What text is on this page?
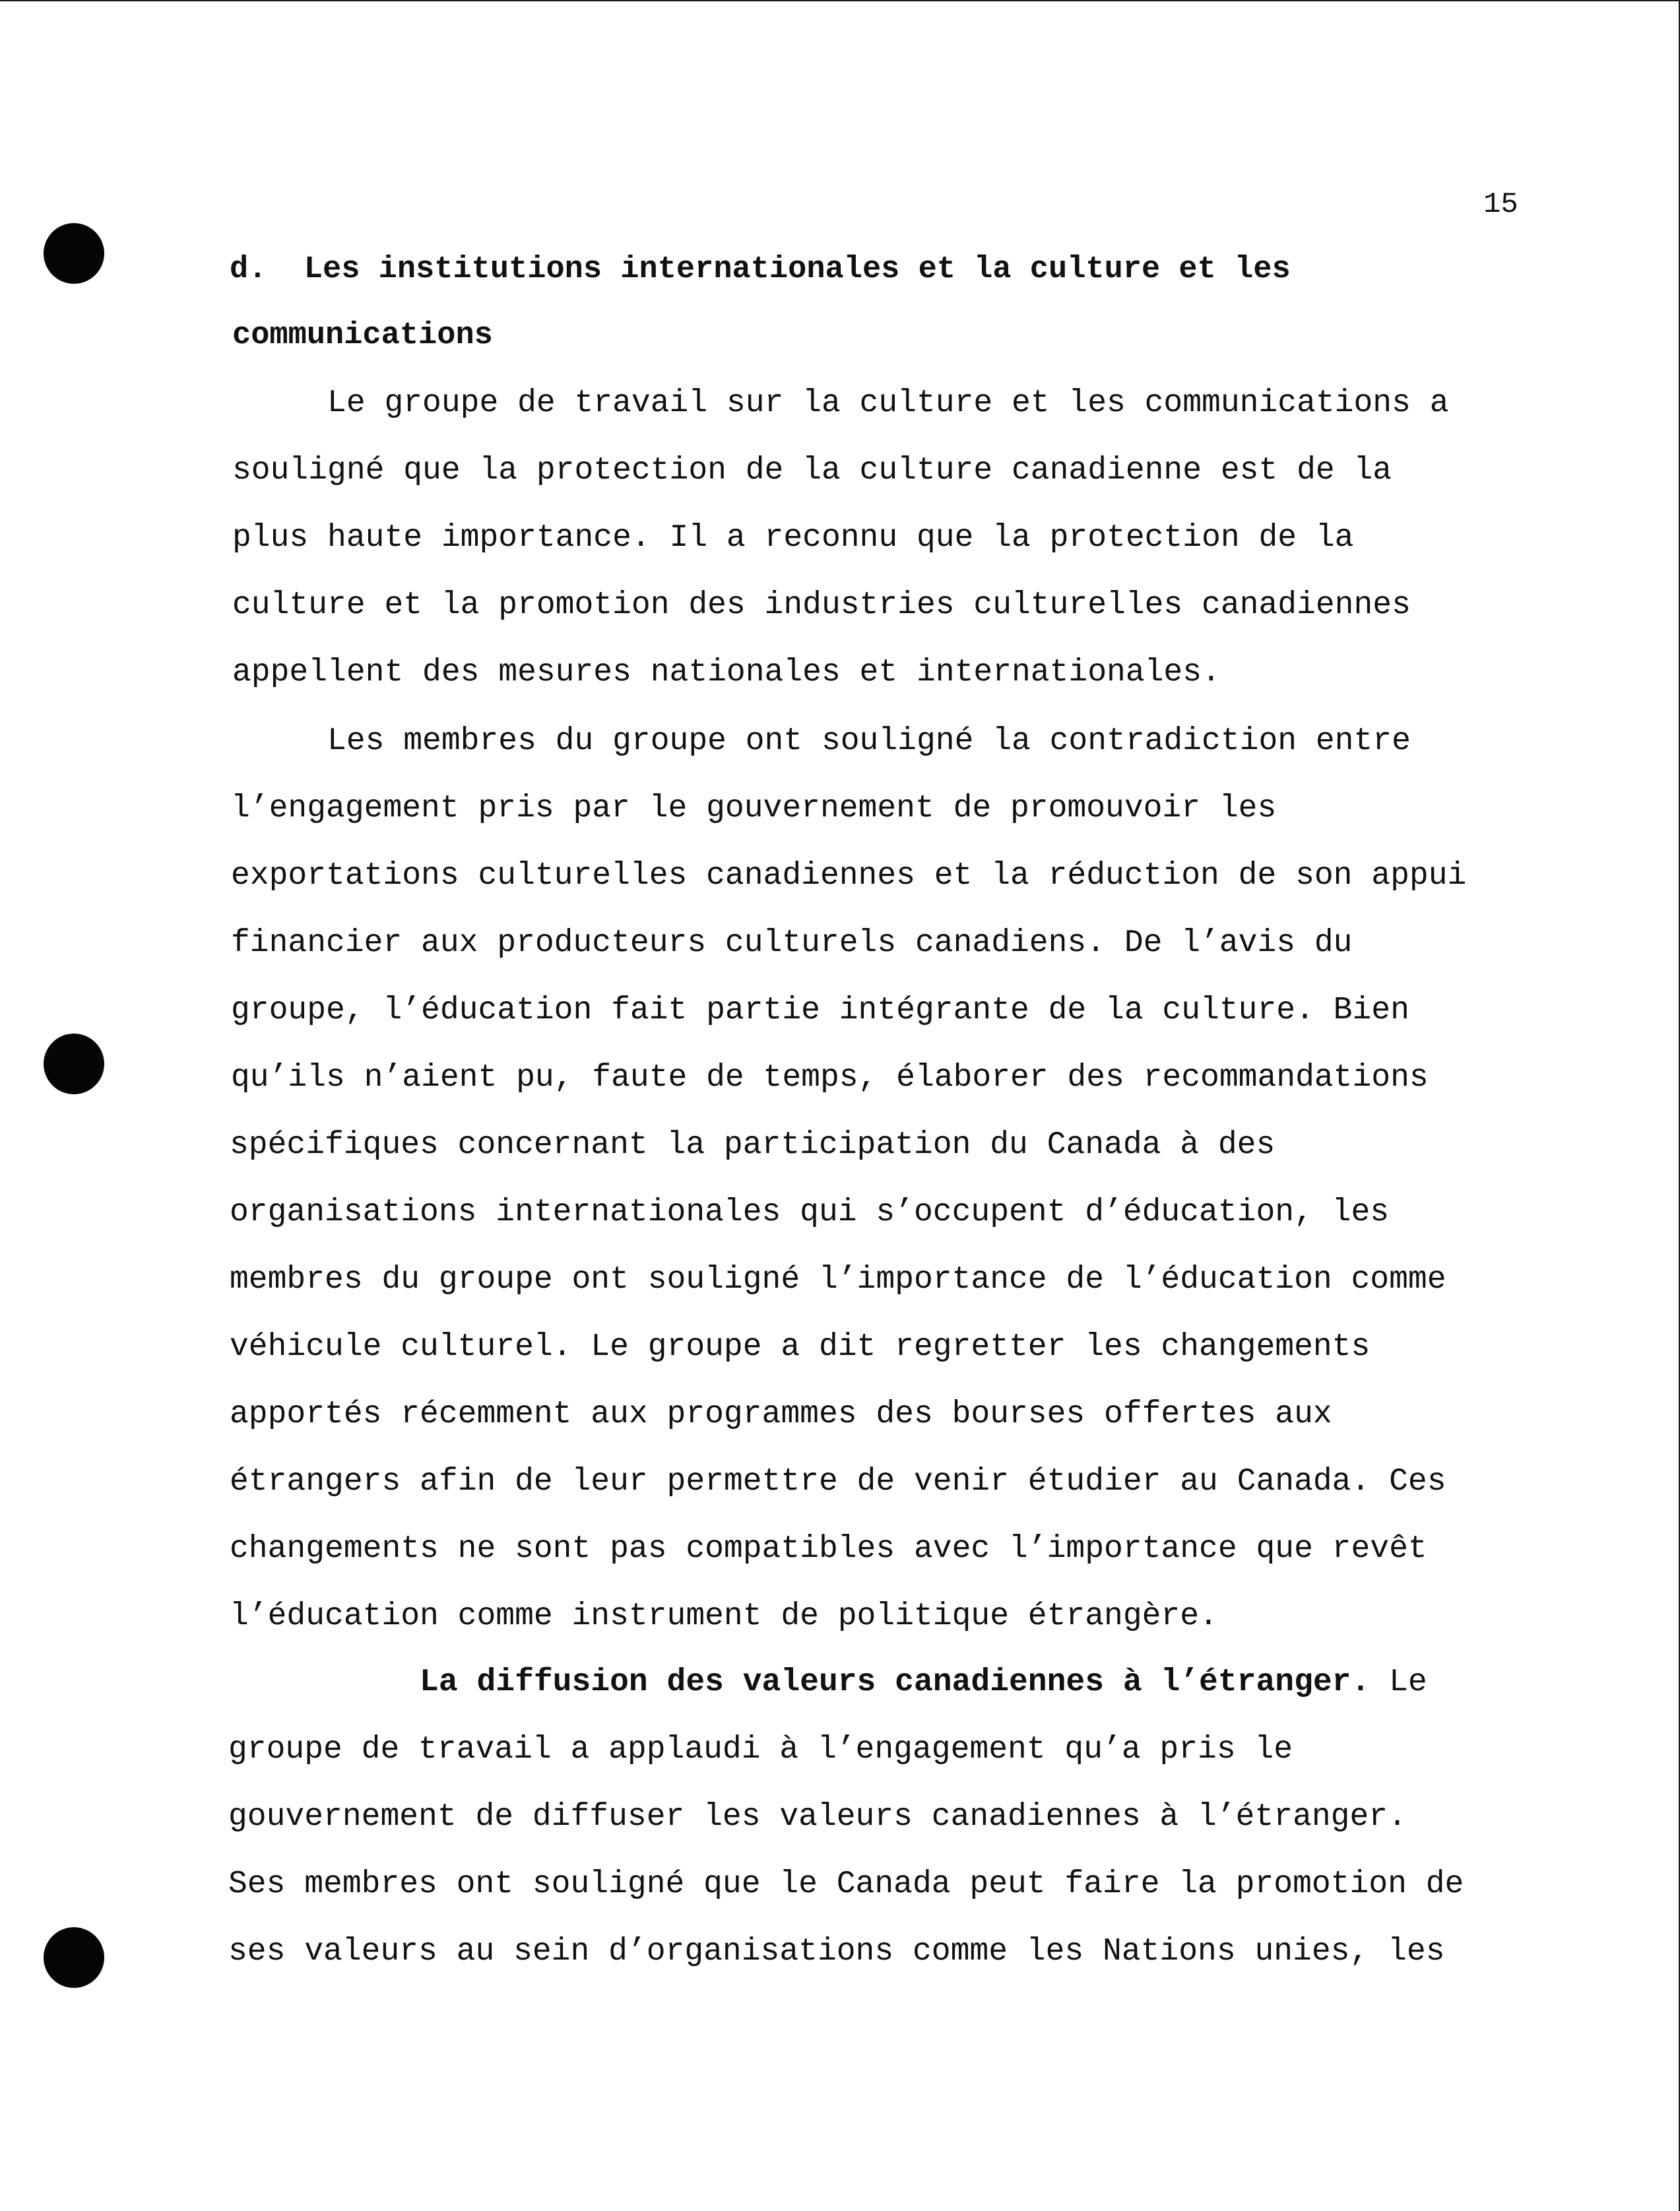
15
d.  Les institutions internationales et la culture et les
communications
Le groupe de travail sur la culture et les communications a
souligné que la protection de la culture canadienne est de la
plus haute importance. Il a reconnu que la protection de la
culture et la promotion des industries culturelles canadiennes
appellent des mesures nationales et internationales.
Les membres du groupe ont souligné la contradiction entre
l’engagement pris par le gouvernement de promouvoir les
exportations culturelles canadiennes et la réduction de son appui
financier aux producteurs culturels canadiens. De l’avis du
groupe, l’éducation fait partie intégrante de la culture. Bien
qu’ils n’aient pu, faute de temps, élaborer des recommandations
spécifiques concernant la participation du Canada à des
organisations internationales qui s’occupent d’éducation, les
membres du groupe ont souligné l’importance de l’éducation comme
véhicule culturel. Le groupe a dit regretter les changements
apportés récemment aux programmes des bourses offertes aux
étrangers afin de leur permettre de venir étudier au Canada. Ces
changements ne sont pas compatibles avec l’importance que revêt
l’éducation comme instrument de politique étrangère.
La diffusion des valeurs canadiennes à l’étranger. Le
groupe de travail a applaudi à l’engagement qu’a pris le
gouvernement de diffuser les valeurs canadiennes à l’étranger.
Ses membres ont souligné que le Canada peut faire la promotion de
ses valeurs au sein d’organisations comme les Nations unies, les
